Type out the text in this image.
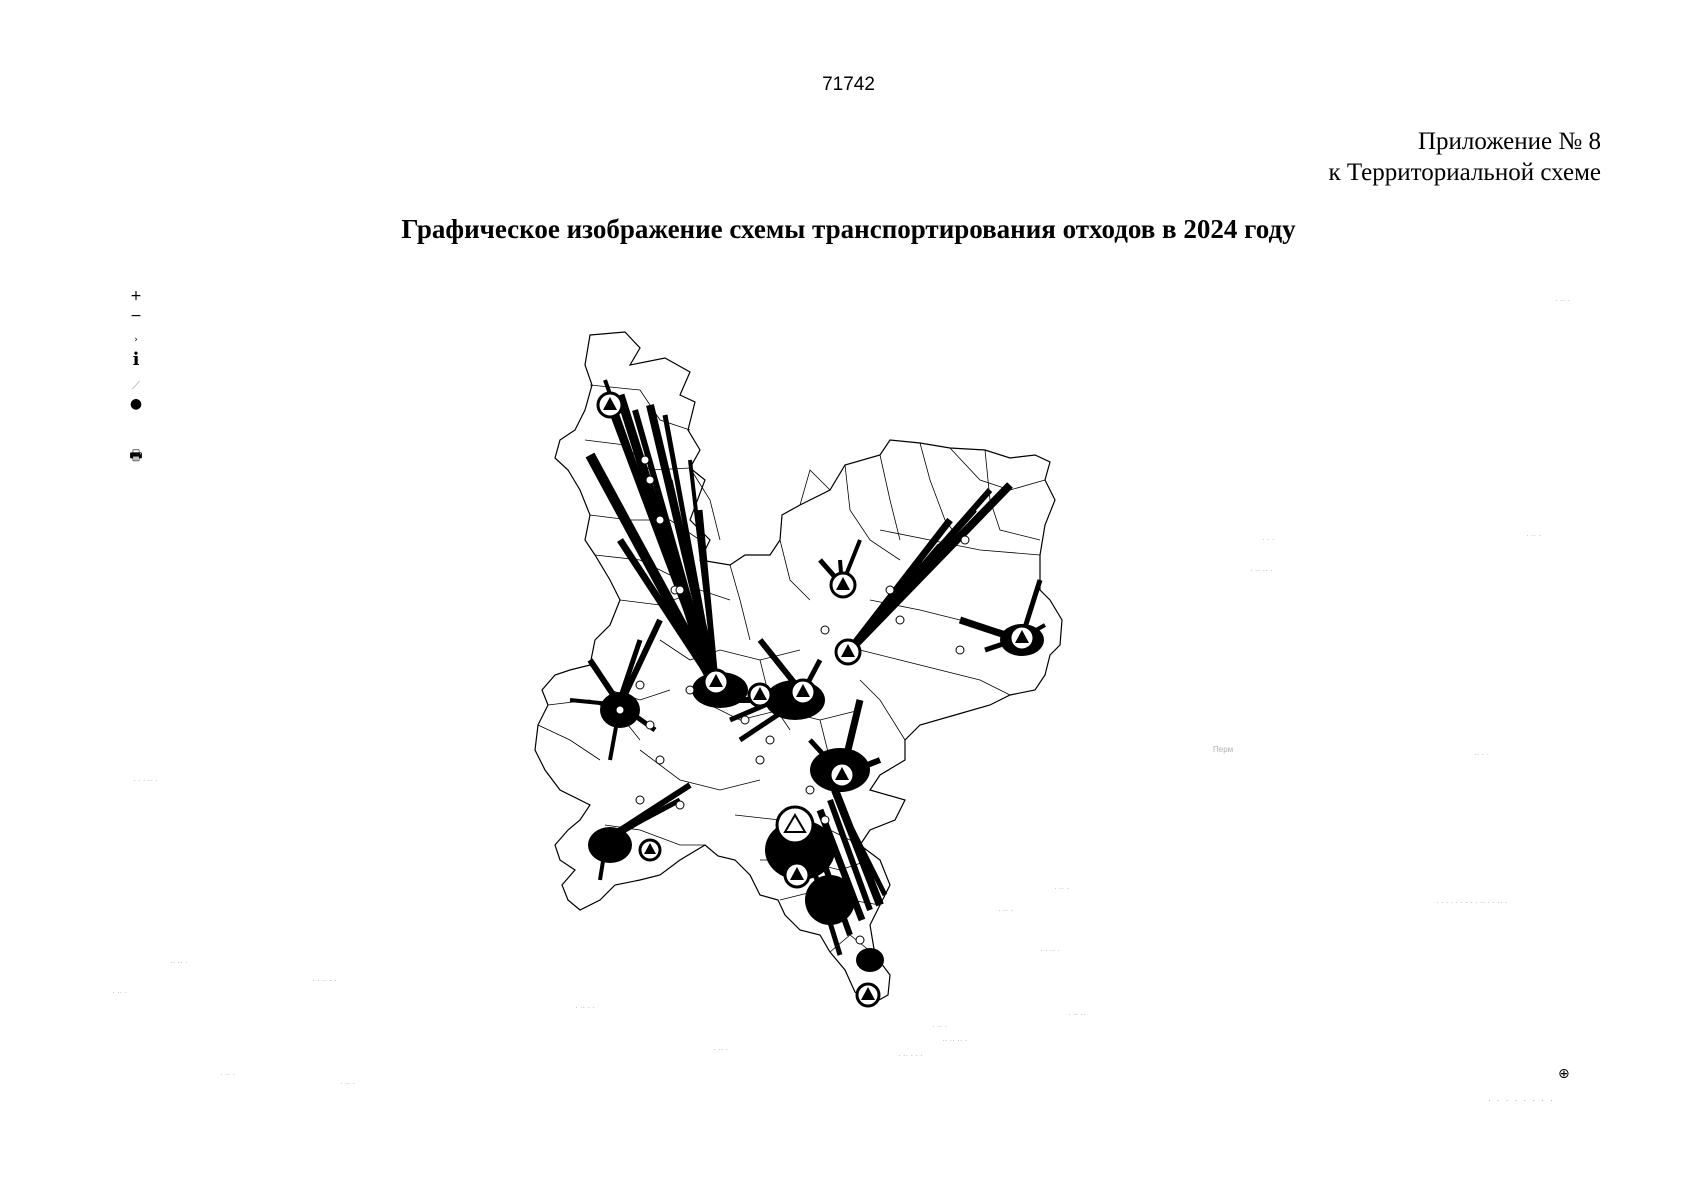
71742
Приложение № 8
к Территориальной схеме
Графическое изображение схемы транспортирования отходов в 2024 году
+
−
›
i
⟋
●
🖶
⊕
· · · · · · · ·
· ·· ·
· · ·
· ·· ·· ·
· ·· ·
Перм
·· · ·
· · · ·· ·
· ·· ·
· · · · · · · · · ·· · · ·· ·
· ·· ·
· · ·· ·
·· ·· ·
· ·· ·
· · ·· · ·
· ·· · ·
· ·· ··
· ·· ·
·· ·· ·· ·
· ·· ·
· ·· · · ·
· ·· ·
· ·· ·
